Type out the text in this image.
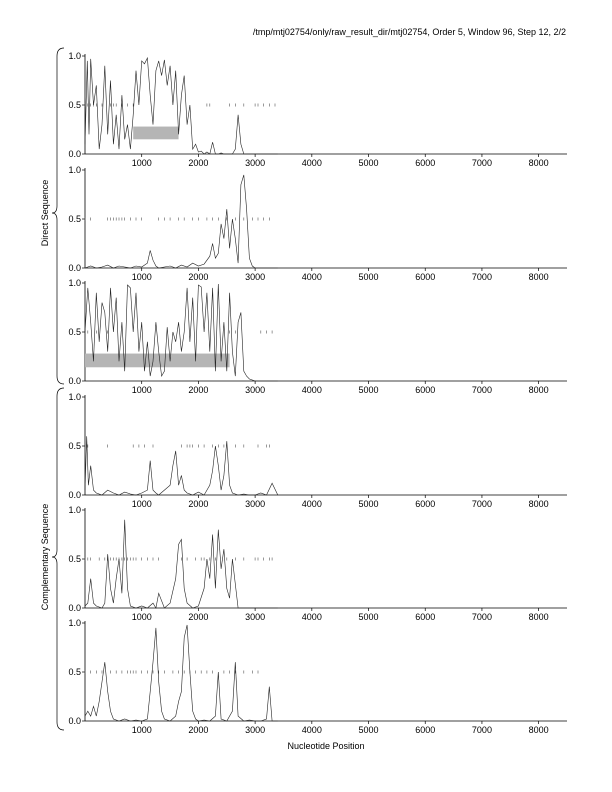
/tmp/mtj02754/only/raw_result_dir/mtj02754, Order 5, Window 96, Step 12, 2/2
0.0
0.5
1.0
1000	2000	3000	4000	5000	6000	7000	8000
0.0
0.5
1.0
1000	2000	3000	4000	5000	6000	7000	8000
0.0
0.5
1.0
1000	2000	3000	4000	5000	6000	7000	8000
0.0
0.5
1.0
1000	2000	3000	4000	5000	6000	7000	8000
0.0
0.5
1.0
1000	2000	3000	4000	5000	6000	7000	8000
0.0
0.5
1.0
1000	2000	3000	4000	5000	6000	7000	8000
Direct Sequence
Complementary Sequence
Nucleotide Position
